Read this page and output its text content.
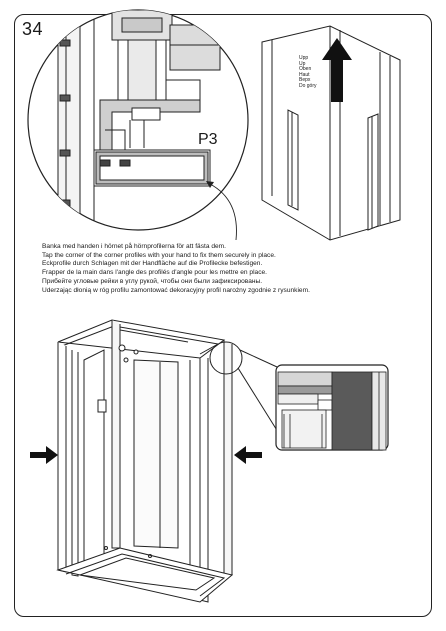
34
P3
Upp
Up
Oben
Haut
Верх
Do góry
Banka med handen i hörnet på hörnprofilerna för att fästa dem.
Tap the corner of the corner profiles with your hand to fix them securely in place.
Eckprofile durch Schlagen mit der Handfläche auf die Profilecke befestigen.
Frapper de la main dans l'angle des profilés d'angle pour les mettre en place.
Прибейте угловые рейки в углу рукой, чтобы они были зафиксированы.
Uderzając dłonią w róg profilu zamontować dekoracyjny profil narożny zgodnie z rysunkiem.
